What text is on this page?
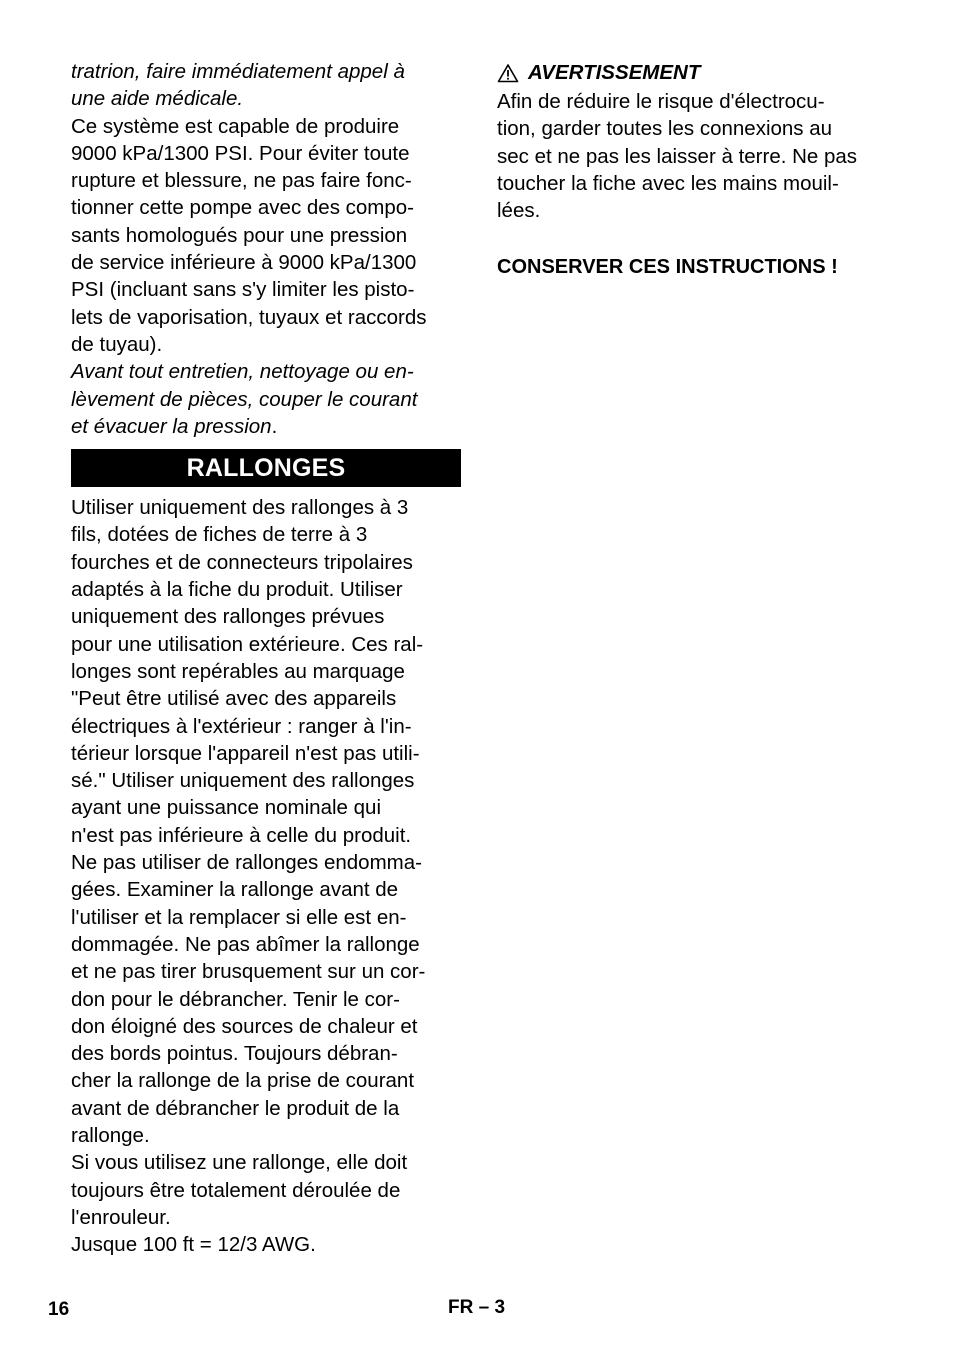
tratrion, faire immédiatement appel à

une aide médicale.

Ce système est capable de produire

9000 kPa/1300 PSI. Pour éviter toute

rupture et blessure, ne pas faire fonc-

tionner cette pompe avec des compo-

sants homologués pour une pression

de service inférieure à 9000 kPa/1300

PSI (incluant sans s'y limiter les pisto-

lets de vaporisation, tuyaux et raccords

de tuyau).

Avant tout entretien, nettoyage ou en-

lèvement de pièces, couper le courant

et évacuer la pression.

RALLONGES

Utiliser uniquement des rallonges à 3

fils, dotées de fiches de terre à 3

fourches et de connecteurs tripolaires

adaptés à la fiche du produit. Utiliser

uniquement des rallonges prévues

pour une utilisation extérieure. Ces ral-

longes sont repérables au marquage

"Peut être utilisé avec des appareils

électriques à l'extérieur : ranger à l'in-

térieur lorsque l'appareil n'est pas utili-

sé." Utiliser uniquement des rallonges

ayant une puissance nominale qui

n'est pas inférieure à celle du produit.

Ne pas utiliser de rallonges endomma-

gées. Examiner la rallonge avant de

l'utiliser et la remplacer si elle est en-

dommagée. Ne pas abîmer la rallonge

et ne pas tirer brusquement sur un cor-

don pour le débrancher. Tenir le cor-

don éloigné des sources de chaleur et

des bords pointus. Toujours débran-

cher la rallonge de la prise de courant

avant de débrancher le produit de la

rallonge.

Si vous utilisez une rallonge, elle doit

toujours être totalement déroulée de

l'enrouleur.

Jusque 100 ft = 12/3 AWG.

AVERTISSEMENT

Afin de réduire le risque d'électrocu-

tion, garder toutes les connexions au

sec et ne pas les laisser à terre. Ne pas

toucher la fiche avec les mains mouil-

lées.

CONSERVER CES INSTRUCTIONS !
16	FR – 3
